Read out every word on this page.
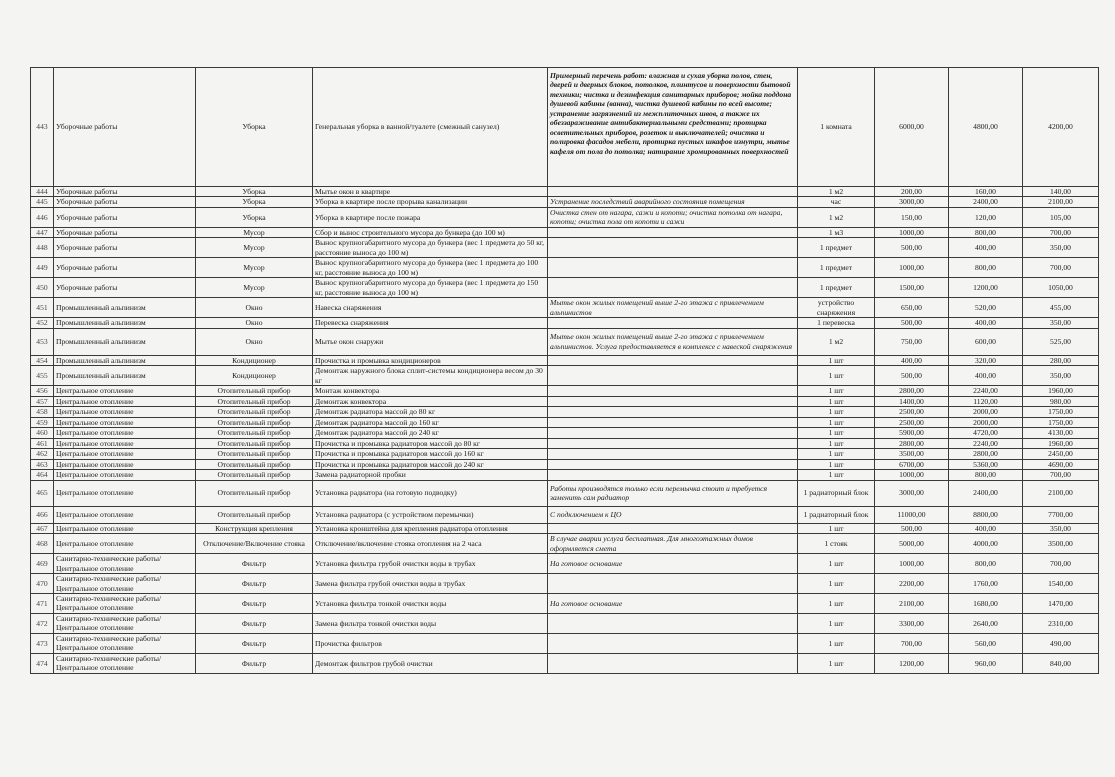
443	Уборочные работы	Уборка	Генеральная уборка в ванной/туалете (смежный санузел)	Примерный перечень работ: влажная и сухая уборка полов, стен, дверей и дверных блоков, потолков, плинтусов и поверхности бытовой техники; чистка и дезинфекция санитарных приборов; мойка поддона душевой кабины (ванна), чистка душевой кабины по всей высоте; устранение загрязнений из межплиточных швов, а также их обеззараживание антибактериальными средствами; протирка осветительных приборов, розеток и выключателей; очистка и полировка фасадов мебели, протирка пустых шкафов изнутри, мытье кафеля от пола до потолка; натирание хромированных поверхностей	1 комната	6000,00	4800,00	4200,00
444	Уборочные работы	Уборка	Мытье окон в квартире		1 м2	200,00	160,00	140,00
445	Уборочные работы	Уборка	Уборка в квартире после прорыва канализации	Устранение последствий аварийного состояния помещения	час	3000,00	2400,00	2100,00
446	Уборочные работы	Уборка	Уборка в квартире после пожара	Очистка стен от нагара, сажи и копоти; очистка потолка от нагара, копоти; очистка пола от копоти и сажи	1 м2	150,00	120,00	105,00
447	Уборочные работы	Мусор	Сбор и вынос строительного мусора до бункера (до 100 м)		1 м3	1000,00	800,00	700,00
448	Уборочные работы	Мусор	Вынос крупногабаритного мусора до бункера (вес 1 предмета до 50 кг, расстояние выноса до 100 м)		1 предмет	500,00	400,00	350,00
449	Уборочные работы	Мусор	Вынос крупногабаритного мусора до бункера (вес 1 предмета до 100 кг, расстояние выноса до 100 м)		1 предмет	1000,00	800,00	700,00
450	Уборочные работы	Мусор	Вынос крупногабаритного мусора до бункера (вес 1 предмета до 150 кг, расстояние выноса до 100 м)		1 предмет	1500,00	1200,00	1050,00
451	Промышленный альпинизм	Окно	Навеска снаряжения	Мытье окон жилых помещений выше 2-го этажа с привлечением альпинистов	устройство снаряжения	650,00	520,00	455,00
452	Промышленный альпинизм	Окно	Перевеска снаряжения		1 перевеска	500,00	400,00	350,00
453	Промышленный альпинизм	Окно	Мытье окон снаружи	Мытье окон жилых помещений выше 2-го этажа с привлечением альпинистов. Услуга предоставляется в комплексе с навеской снаряжения	1 м2	750,00	600,00	525,00
454	Промышленный альпинизм	Кондиционер	Прочистка и промывка кондиционеров		1 шт	400,00	320,00	280,00
455	Промышленный альпинизм	Кондиционер	Демонтаж наружного блока сплит-системы кондиционера весом до 30 кг		1 шт	500,00	400,00	350,00
456	Центральное отопление	Отопительный прибор	Монтаж конвектора		1 шт	2800,00	2240,00	1960,00
457	Центральное отопление	Отопительный прибор	Демонтаж конвектора		1 шт	1400,00	1120,00	980,00
458	Центральное отопление	Отопительный прибор	Демонтаж радиатора массой до 80 кг		1 шт	2500,00	2000,00	1750,00
459	Центральное отопление	Отопительный прибор	Демонтаж радиатора массой до 160 кг		1 шт	2500,00	2000,00	1750,00
460	Центральное отопление	Отопительный прибор	Демонтаж радиатора массой до 240 кг		1 шт	5900,00	4720,00	4130,00
461	Центральное отопление	Отопительный прибор	Прочистка и промывка радиаторов массой до 80 кг		1 шт	2800,00	2240,00	1960,00
462	Центральное отопление	Отопительный прибор	Прочистка и промывка радиаторов массой до 160 кг		1 шт	3500,00	2800,00	2450,00
463	Центральное отопление	Отопительный прибор	Прочистка и промывка радиаторов массой до 240 кг		1 шт	6700,00	5360,00	4690,00
464	Центральное отопление	Отопительный прибор	Замена радиаторной пробки		1 шт	1000,00	800,00	700,00
465	Центральное отопление	Отопительный прибор	Установка радиатора (на готовую подводку)	Работы производятся только если перемычка стоит и требуется заменить сам радиатор	1 радиаторный блок	3000,00	2400,00	2100,00
466	Центральное отопление	Отопительный прибор	Установка радиатора (с устройством перемычки)	С подключением к ЦО	1 радиаторный блок	11000,00	8800,00	7700,00
467	Центральное отопление	Конструкция крепления	Установка кронштейна для крепления радиатора отопления		1 шт	500,00	400,00	350,00
468	Центральное отопление	Отключение/Включение стояка	Отключение/включение стояка отопления на 2 часа	В случае аварии услуга бесплатная. Для многоэтажных домов оформляется смета	1 стояк	5000,00	4000,00	3500,00
469	Санитарно-технические работы/Центральное отопление	Фильтр	Установка фильтра грубой очистки воды в трубах	На готовое основание	1 шт	1000,00	800,00	700,00
470	Санитарно-технические работы/Центральное отопление	Фильтр	Замена фильтра грубой очистки воды в трубах		1 шт	2200,00	1760,00	1540,00
471	Санитарно-технические работы/Центральное отопление	Фильтр	Установка фильтра тонкой очистки воды	На готовое основание	1 шт	2100,00	1680,00	1470,00
472	Санитарно-технические работы/Центральное отопление	Фильтр	Замена фильтра тонкой очистки воды		1 шт	3300,00	2640,00	2310,00
473	Санитарно-технические работы/Центральное отопление	Фильтр	Прочистка фильтров		1 шт	700,00	560,00	490,00
474	Санитарно-технические работы/Центральное отопление	Фильтр	Демонтаж фильтров грубой очистки		1 шт	1200,00	960,00	840,00
